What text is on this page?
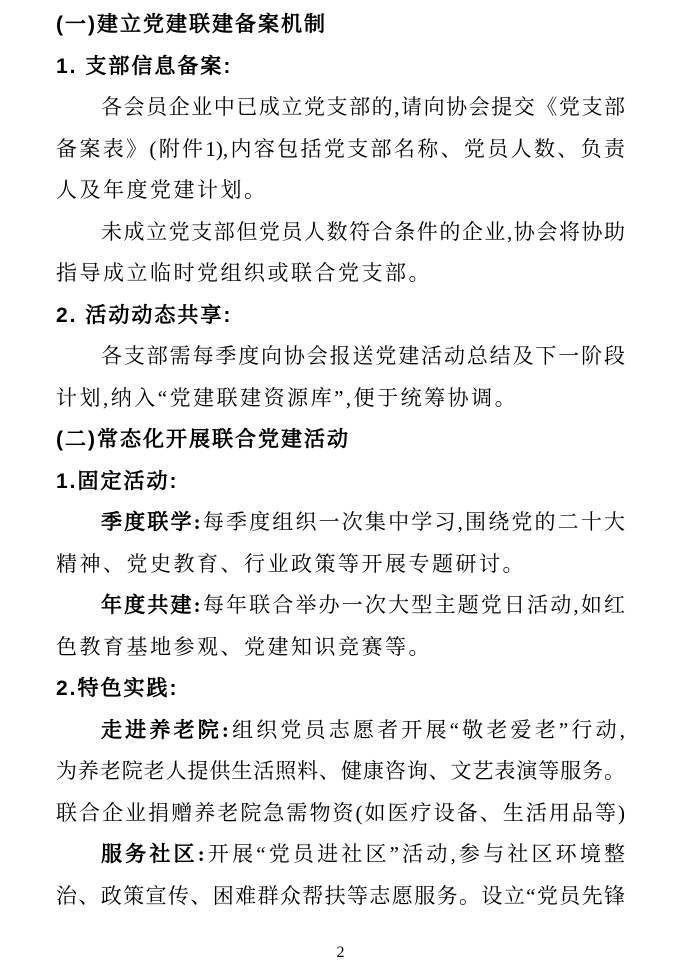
(一)建立党建联建备案机制
1. 支部信息备案:
各会员企业中已成立党支部的,请向协会提交《党支部
备案表》(附件1),内容包括党支部名称、党员人数、负责
人及年度党建计划。
未成立党支部但党员人数符合条件的企业,协会将协助
指导成立临时党组织或联合党支部。
2. 活动动态共享:
各支部需每季度向协会报送党建活动总结及下一阶段
计划,纳入“党建联建资源库”,便于统筹协调。
(二)常态化开展联合党建活动
1.固定活动:
季度联学:每季度组织一次集中学习,围绕党的二十大
精神、党史教育、行业政策等开展专题研讨。
年度共建:每年联合举办一次大型主题党日活动,如红
色教育基地参观、党建知识竞赛等。
2.特色实践:
走进养老院:组织党员志愿者开展“敬老爱老”行动,
为养老院老人提供生活照料、健康咨询、文艺表演等服务。
联合企业捐赠养老院急需物资(如医疗设备、生活用品等)
服务社区:开展“党员进社区”活动,参与社区环境整
治、政策宣传、困难群众帮扶等志愿服务。设立“党员先锋
2
